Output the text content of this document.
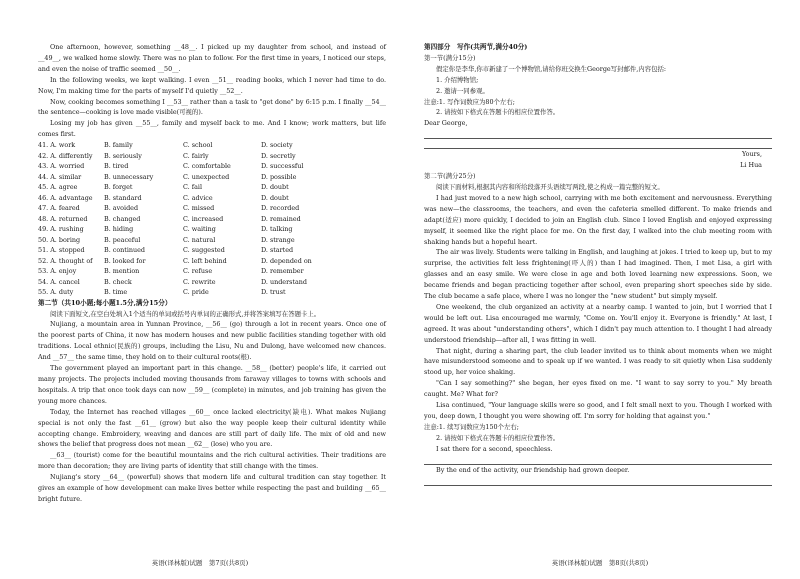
One afternoon, however, something __48__. I picked up my daughter from school, and instead of __49__, we walked home slowly. There was no plan to follow. For the first time in years, I noticed our steps, and even the noise of traffic seemed __50__.

In the following weeks, we kept walking. I even __51__ reading books, which I never had time to do. Now, I'm making time for the parts of myself I'd quietly __52__.

Now, cooking becomes something I __53__ rather than a task to "get done" by 6:15 p.m. I finally __54__ the sentence—cooking is love made visible(可视的).

Losing my job has given __55__, family and myself back to me. And I know; work matters, but life comes first.

41. A. work	B. family	C. school	D. society
42. A. differently	B. seriously	C. fairly	D. secretly
43. A. worried	B. tired	C. comfortable	D. successful
44. A. similar	B. unnecessary	C. unexpected	D. possible
45. A. agree	B. forget	C. fail	D. doubt
46. A. advantage	B. standard	C. advice	D. doubt
47. A. feared	B. avoided	C. missed	D. recorded
48. A. returned	B. changed	C. increased	D. remained
49. A. rushing	B. hiding	C. waiting	D. talking
50. A. boring	B. peaceful	C. natural	D. strange
51. A. stopped	B. continued	C. suggested	D. started
52. A. thought of	B. looked for	C. left behind	D. depended on
53. A. enjoy	B. mention	C. refuse	D. remember
54. A. cancel	B. check	C. rewrite	D. understand
55. A. duty	B. time	C. pride	D. trust

第二节（共10小题;每小题1.5分,满分15分）

阅读下面短文,在空白处填入1个适当的单词或括号内单词的正确形式,并将答案填写在答题卡上。

Nujiang, a mountain area in Yunnan Province, __56__ (go) through a lot in recent years. Once one of the poorest parts of China, it now has modern houses and new public facilities standing together with old traditions. Local ethnic(民族的) groups, including the Lisu, Nu and Dulong, have welcomed new chances. And __57__ the same time, they hold on to their cultural roots(根).

The government played an important part in this change. __58__ (better) people's life, it carried out many projects. The projects included moving thousands from faraway villages to towns with schools and hospitals. A trip that once took days can now __59__ (complete) in minutes, and job training has given the young more chances.

Today, the Internet has reached villages __60__ once lacked electricity(缺电). What makes Nujiang special is not only the fast __61__ (grow) but also the way people keep their cultural identity while accepting change. Embroidery, weaving and dances are still part of daily life. The mix of old and new shows the belief that progress does not mean __62__ (lose) who you are.

__63__ (tourist) come for the beautiful mountains and the rich cultural activities. Their traditions are more than decoration; they are living parts of identity that still change with the times.

Nujiang's story __64__ (powerful) shows that modern life and cultural tradition can stay together. It gives an example of how development can make lives better while respecting the past and building __65__ bright future.

英语(译林版)试题　第7页(共8页)

第四部分　写作(共两节,满分40分)

第一节(满分15分)

假定你是李华,你市新建了一个博物馆,请给你班交换生George写封邮件,内容包括:

1. 介绍博物馆;

2. 邀请一同参观。

注意:1. 写作词数应为80个左右;

2. 请按如下格式在答题卡的相应位置作答。

Dear George,

Yours,

Li Hua

第二节(满分25分)

阅读下面材料,根据其内容和所给段落开头语续写两段,使之构成一篇完整的短文。

I had just moved to a new high school, carrying with me both excitement and nervousness. Everything was new—the classrooms, the teachers, and even the cafeteria smelled different. To make friends and adapt(适应) more quickly, I decided to join an English club. Since I loved English and enjoyed expressing myself, it seemed like the right place for me. On the first day, I walked into the club meeting room with shaking hands but a hopeful heart.

The air was lively. Students were talking in English, and laughing at jokes. I tried to keep up, but to my surprise, the activities felt less frightening(吓人的) than I had imagined. Then, I met Lisa, a girl with glasses and an easy smile. We were close in age and both loved learning new expressions. Soon, we became friends and began practicing together after school, even preparing short speeches side by side. The club became a safe place, where I was no longer the "new student" but simply myself.

One weekend, the club organized an activity at a nearby camp. I wanted to join, but I worried that I would be left out. Lisa encouraged me warmly, "Come on. You'll enjoy it. Everyone is friendly." At last, I agreed. It was about "understanding others", which I didn't pay much attention to. I thought I had already understood friendship—after all, I was fitting in well.

That night, during a sharing part, the club leader invited us to think about moments when we might have misunderstood someone and to speak up if we wanted. I was ready to sit quietly when Lisa suddenly stood up, her voice shaking.

"Can I say something?" she began, her eyes fixed on me. "I want to say sorry to you." My breath caught. Me? What for?

Lisa continued, "Your language skills were so good, and I felt small next to you. Though I worked with you, deep down, I thought you were showing off. I'm sorry for holding that against you."

注意:1. 续写词数应为150个左右;

2. 请按如下格式在答题卡的相应位置作答。

I sat there for a second, speechless.

By the end of the activity, our friendship had grown deeper.

英语(译林版)试题　第8页(共8页)
